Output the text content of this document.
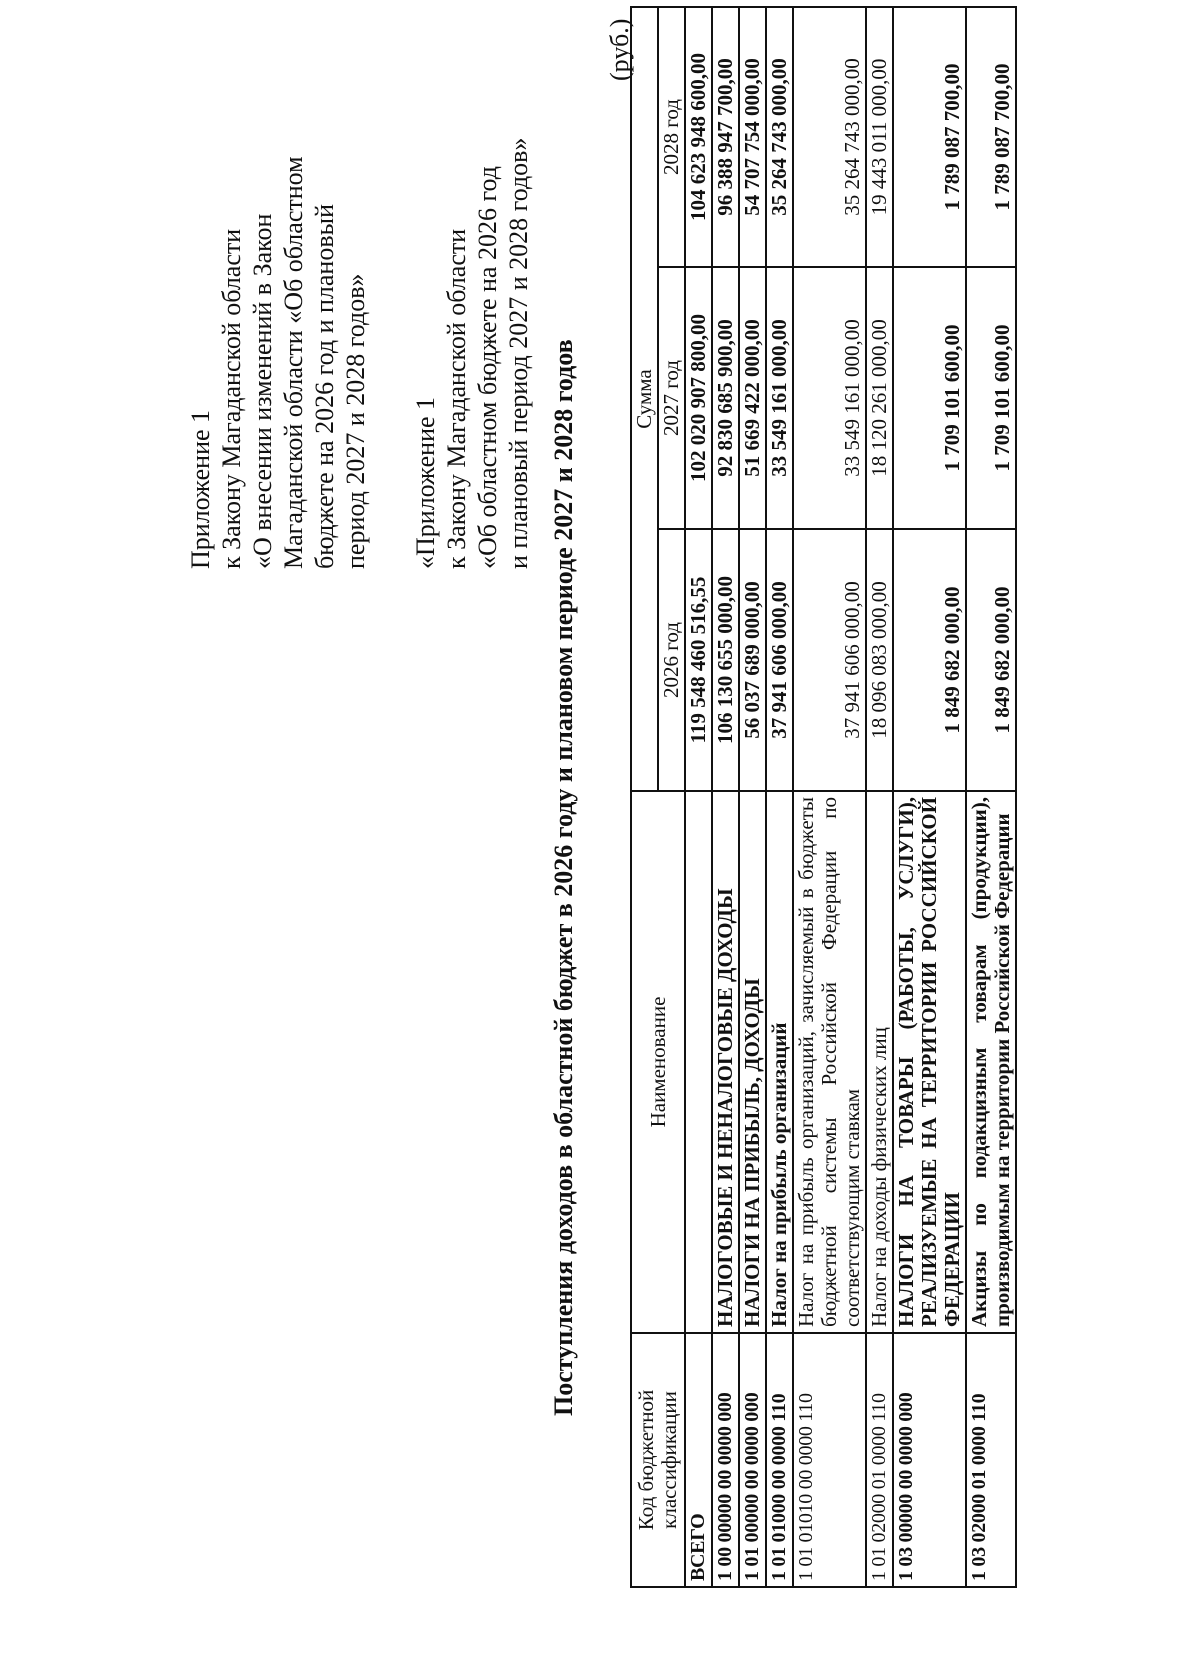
Приложение 1 к Закону Магаданской области «О внесении изменений в Закон Магаданской области «Об областном бюджете на 2026 год и плановый период 2027 и 2028 годов» «Приложение 1 к Закону Магаданской области «Об областном бюджете на 2026 год и плановый период 2027 и 2028 годов» Поступления доходов в областной бюджет в 2026 году и плановом периоде 2027 и 2028 годов
(руб.)
Код бюджетной классификации	Наименование	Сумма		
		2026 год	2027 год	2028 год
ВСЕГО		119 548 460 516,55	102 020 907 800,00	104 623 948 600,00
1 00 00000 00 0000 000	НАЛОГОВЫЕ И НЕНАЛОГОВЫЕ ДОХОДЫ	106 130 655 000,00	92 830 685 900,00	96 388 947 700,00
1 01 00000 00 0000 000	НАЛОГИ НА ПРИБЫЛЬ, ДОХОДЫ	56 037 689 000,00	51 669 422 000,00	54 707 754 000,00
1 01 01000 00 0000 110	Налог на прибыль организаций	37 941 606 000,00	33 549 161 000,00	35 264 743 000,00
1 01 01010 00 0000 110	Налог на прибыль организаций, зачисляемый в бюджеты бюджетной системы Российской Федерации по соответствующим ставкам	37 941 606 000,00	33 549 161 000,00	35 264 743 000,00
1 01 02000 01 0000 110	Налог на доходы физических лиц	18 096 083 000,00	18 120 261 000,00	19 443 011 000,00
1 03 00000 00 0000 000	НАЛОГИ НА ТОВАРЫ (РАБОТЫ, УСЛУГИ), РЕАЛИЗУЕМЫЕ НА ТЕРРИТОРИИ РОССИЙСКОЙ ФЕДЕРАЦИИ	1 849 682 000,00	1 709 101 600,00	1 789 087 700,00
1 03 02000 01 0000 110	Акцизы по подакцизным товарам (продукции), производимым на территории Российской Федерации	1 849 682 000,00	1 709 101 600,00	1 789 087 700,00
